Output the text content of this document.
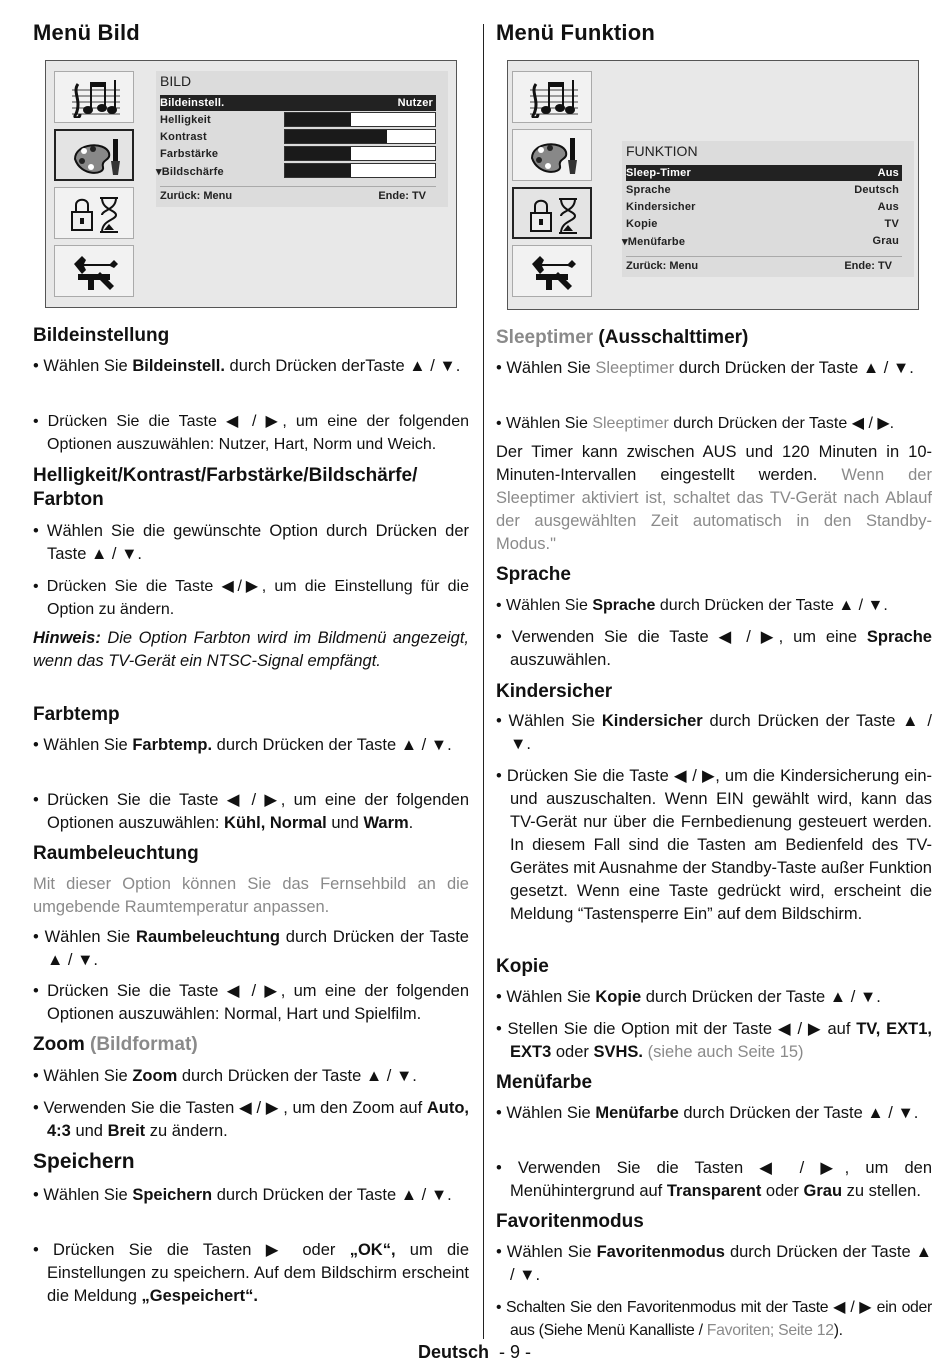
Menü Bild
BILD
Bildeinstell.	Nutzer
Helligkeit
Kontrast
Farbstärke
▾Bildschärfe
Zurück: Menu	Ende: TV
Bildeinstellung
• Wählen Sie Bildeinstell. durch Drücken derTaste ▲ / ▼.
• Drücken Sie die Taste ◀ / ▶, um eine der folgenden Optionen auszuwählen: Nutzer, Hart, Norm und Weich.
Helligkeit/Kontrast/Farbstärke/Bildschärfe/ Farbton
• Wählen Sie die gewünschte Option durch Drücken der Taste ▲ / ▼.
• Drücken Sie die Taste ◀/▶, um die Einstellung für die Option zu ändern.
Hinweis: Die Option Farbton wird im Bildmenü angezeigt, wenn das TV-Gerät ein NTSC-Signal empfängt.
Farbtemp
• Wählen Sie Farbtemp. durch Drücken der Taste ▲ / ▼.
• Drücken Sie die Taste ◀ / ▶, um eine der folgenden Optionen auszuwählen: Kühl, Normal und Warm.
Raumbeleuchtung
Mit dieser Option können Sie das Fernsehbild an die umgebende Raumtemperatur anpassen.
• Wählen Sie Raumbeleuchtung durch Drücken der Taste ▲ / ▼.
• Drücken Sie die Taste ◀ / ▶, um eine der folgenden Optionen auszuwählen: Normal, Hart und Spielfilm.
Zoom (Bildformat)
• Wählen Sie Zoom durch Drücken der Taste ▲ / ▼.
• Verwenden Sie die Tasten ◀ / ▶ , um den Zoom auf Auto, 4:3 und Breit zu ändern.
Speichern
• Wählen Sie Speichern durch Drücken der Taste ▲ / ▼.
• Drücken Sie die Tasten ▶ oder „OK“, um die Einstellungen zu speichern. Auf dem Bildschirm erscheint die Meldung „Gespeichert“.
Menü Funktion
FUNKTION
Sleep-Timer	Aus
Sprache	Deutsch
Kindersicher	Aus
Kopie	TV
▾Menüfarbe	Grau
Zurück: Menu	Ende: TV
Sleeptimer (Ausschalttimer)
• Wählen Sie Sleeptimer durch Drücken der Taste ▲ / ▼.
• Wählen Sie Sleeptimer durch Drücken der Taste ◀ / ▶.
Der Timer kann zwischen AUS und 120 Minuten in 10-Minuten-Intervallen eingestellt werden. Wenn der Sleeptimer aktiviert ist, schaltet das TV-Gerät nach Ablauf der ausgewählten Zeit automatisch in den Standby-Modus."
Sprache
• Wählen Sie Sprache durch Drücken der Taste ▲ / ▼.
• Verwenden Sie die Taste ◀ / ▶, um eine Sprache auszuwählen.
Kindersicher
• Wählen Sie Kindersicher durch Drücken der Taste ▲ / ▼.
• Drücken Sie die Taste ◀ / ▶, um die Kindersicherung ein- und auszuschalten. Wenn EIN gewählt wird, kann das TV-Gerät nur über die Fernbedienung gesteuert werden. In diesem Fall sind die Tasten am Bedienfeld des TV-Gerätes mit Ausnahme der Standby-Taste außer Funktion gesetzt. Wenn eine Taste gedrückt wird, erscheint die Meldung “Tastensperre Ein” auf dem Bildschirm.
Kopie
• Wählen Sie Kopie durch Drücken der Taste ▲ / ▼.
• Stellen Sie die Option mit der Taste ◀ / ▶ auf TV, EXT1, EXT3 oder SVHS. (siehe auch Seite 15)
Menüfarbe
• Wählen Sie Menüfarbe durch Drücken der Taste ▲ / ▼.
• Verwenden Sie die Tasten ◀ / ▶, um den Menühintergrund auf Transparent oder Grau zu stellen.
Favoritenmodus
• Wählen Sie Favoritenmodus durch Drücken der Taste ▲ / ▼.
• Schalten Sie den Favoritenmodus mit der Taste ◀ / ▶ ein oder aus (Siehe Menü Kanalliste / Favoriten; Seite 12).
Deutsch - 9 -
